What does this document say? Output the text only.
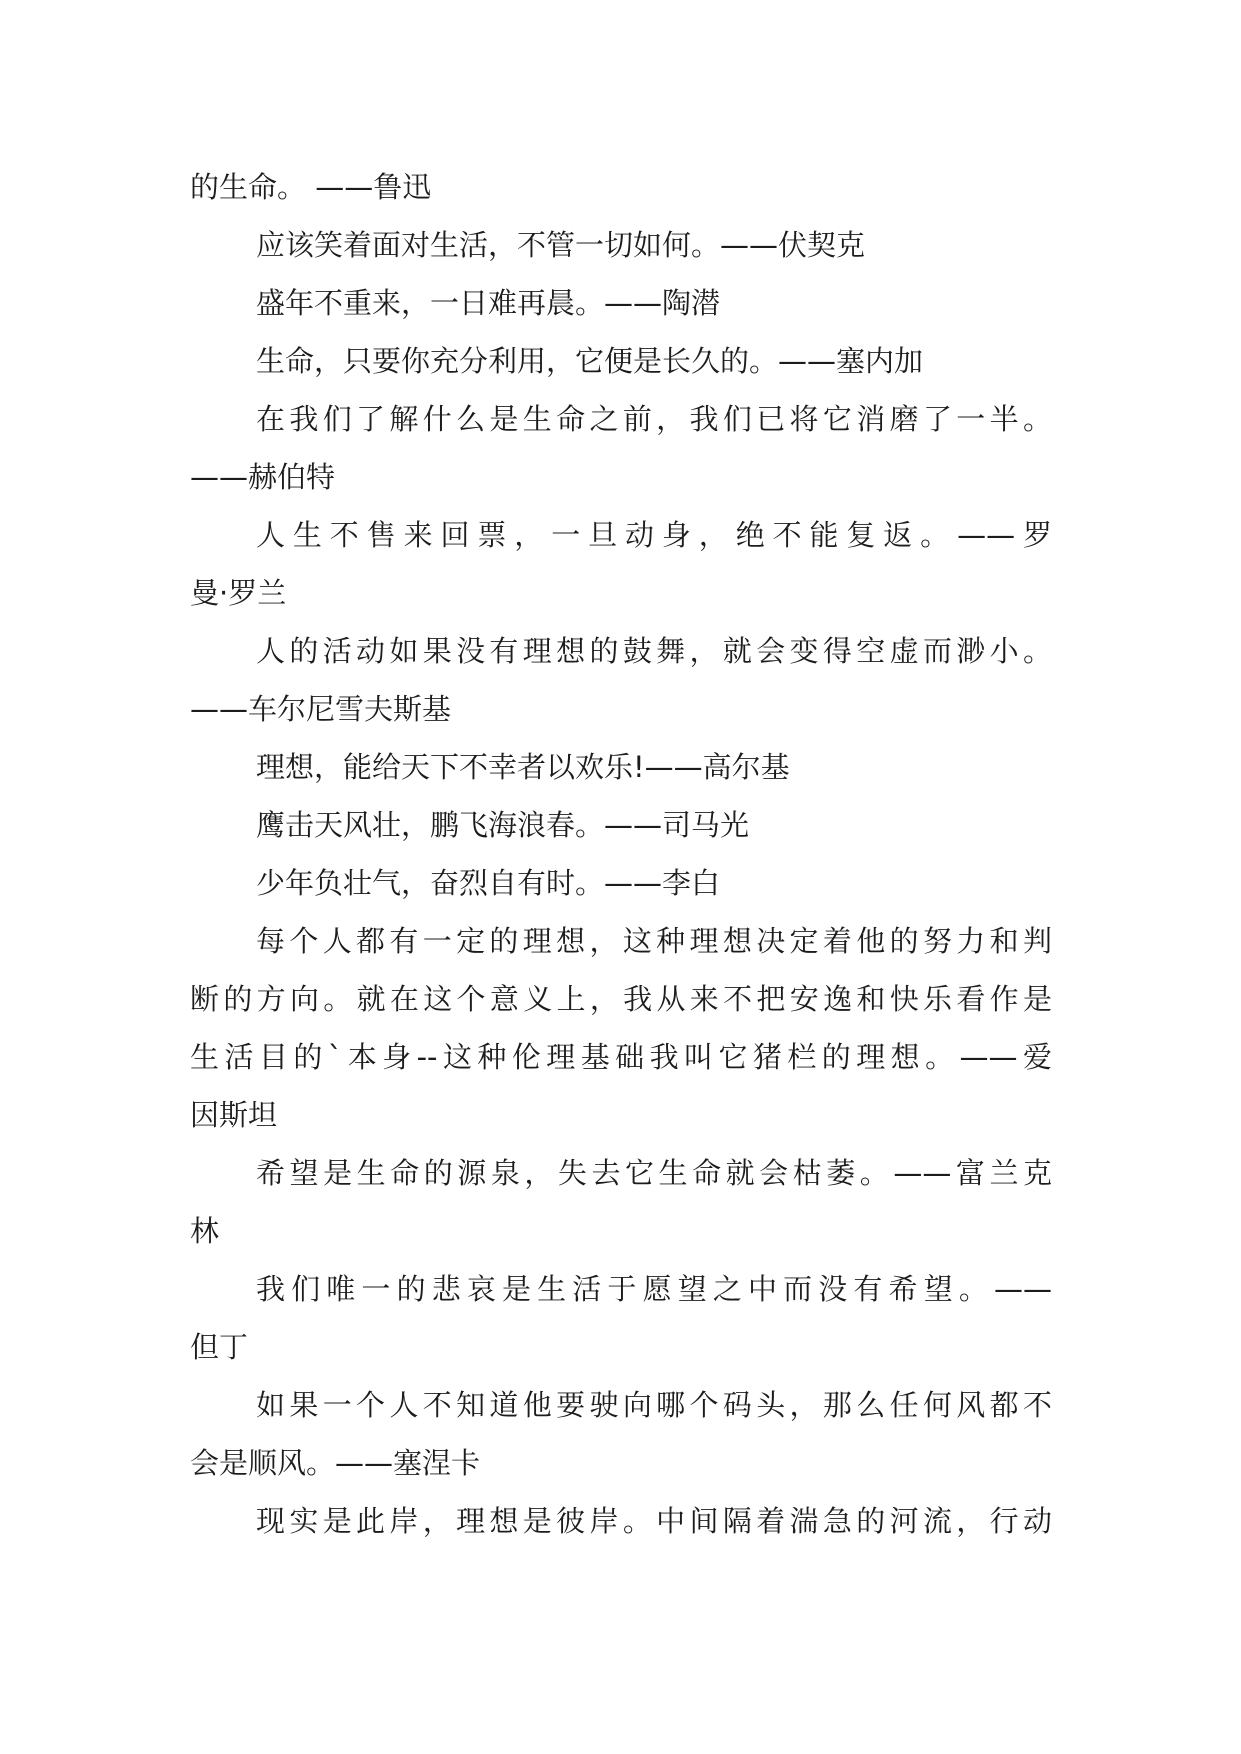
的生命。 ——鲁迅
应该笑着面对生活，不管一切如何。——伏契克
盛年不重来，一日难再晨。——陶潜
生命，只要你充分利用，它便是长久的。——塞内加
在我们了解什么是生命之前，我们已将它消磨了一半。
——赫伯特
人生不售来回票，一旦动身，绝不能复返。——罗
曼·罗兰
人的活动如果没有理想的鼓舞，就会变得空虚而渺小。
——车尔尼雪夫斯基
理想，能给天下不幸者以欢乐!——高尔基
鹰击天风壮，鹏飞海浪春。——司马光
少年负壮气，奋烈自有时。——李白
每个人都有一定的理想，这种理想决定着他的努力和判
断的方向。就在这个意义上，我从来不把安逸和快乐看作是
生活目的`本身--这种伦理基础我叫它猪栏的理想。——爱
因斯坦
希望是生命的源泉，失去它生命就会枯萎。——富兰克
林
我们唯一的悲哀是生活于愿望之中而没有希望。——
但丁
如果一个人不知道他要驶向哪个码头，那么任何风都不
会是顺风。——塞涅卡
现实是此岸，理想是彼岸。中间隔着湍急的河流，行动
